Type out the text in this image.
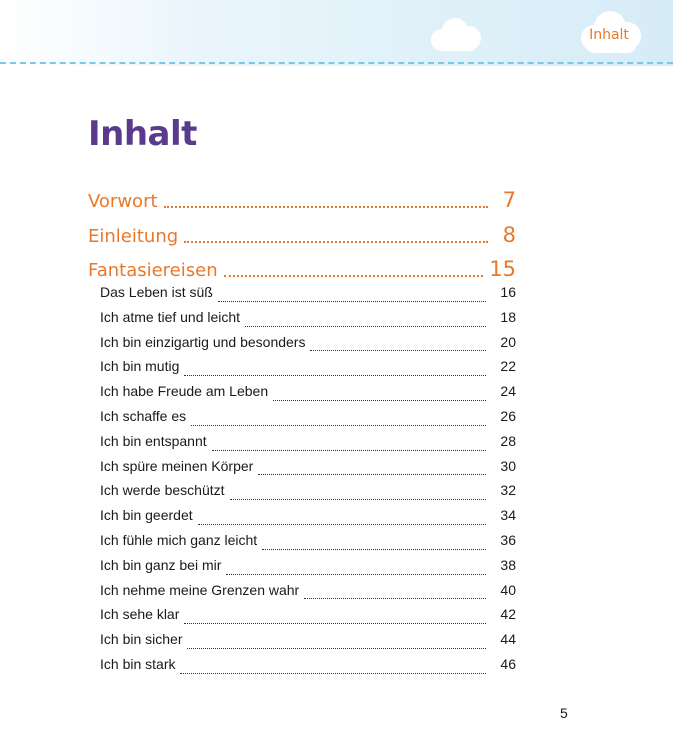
Inhalt
Inhalt
Vorwort	7
Einleitung	8
Fantasiereisen	15
Das Leben ist süß	16
Ich atme tief und leicht	18
Ich bin einzigartig und besonders	20
Ich bin mutig	22
Ich habe Freude am Leben	24
Ich schaffe es	26
Ich bin entspannt	28
Ich spüre meinen Körper	30
Ich werde beschützt	32
Ich bin geerdet	34
Ich fühle mich ganz leicht	36
Ich bin ganz bei mir	38
Ich nehme meine Grenzen wahr	40
Ich sehe klar	42
Ich bin sicher	44
Ich bin stark	46
5
